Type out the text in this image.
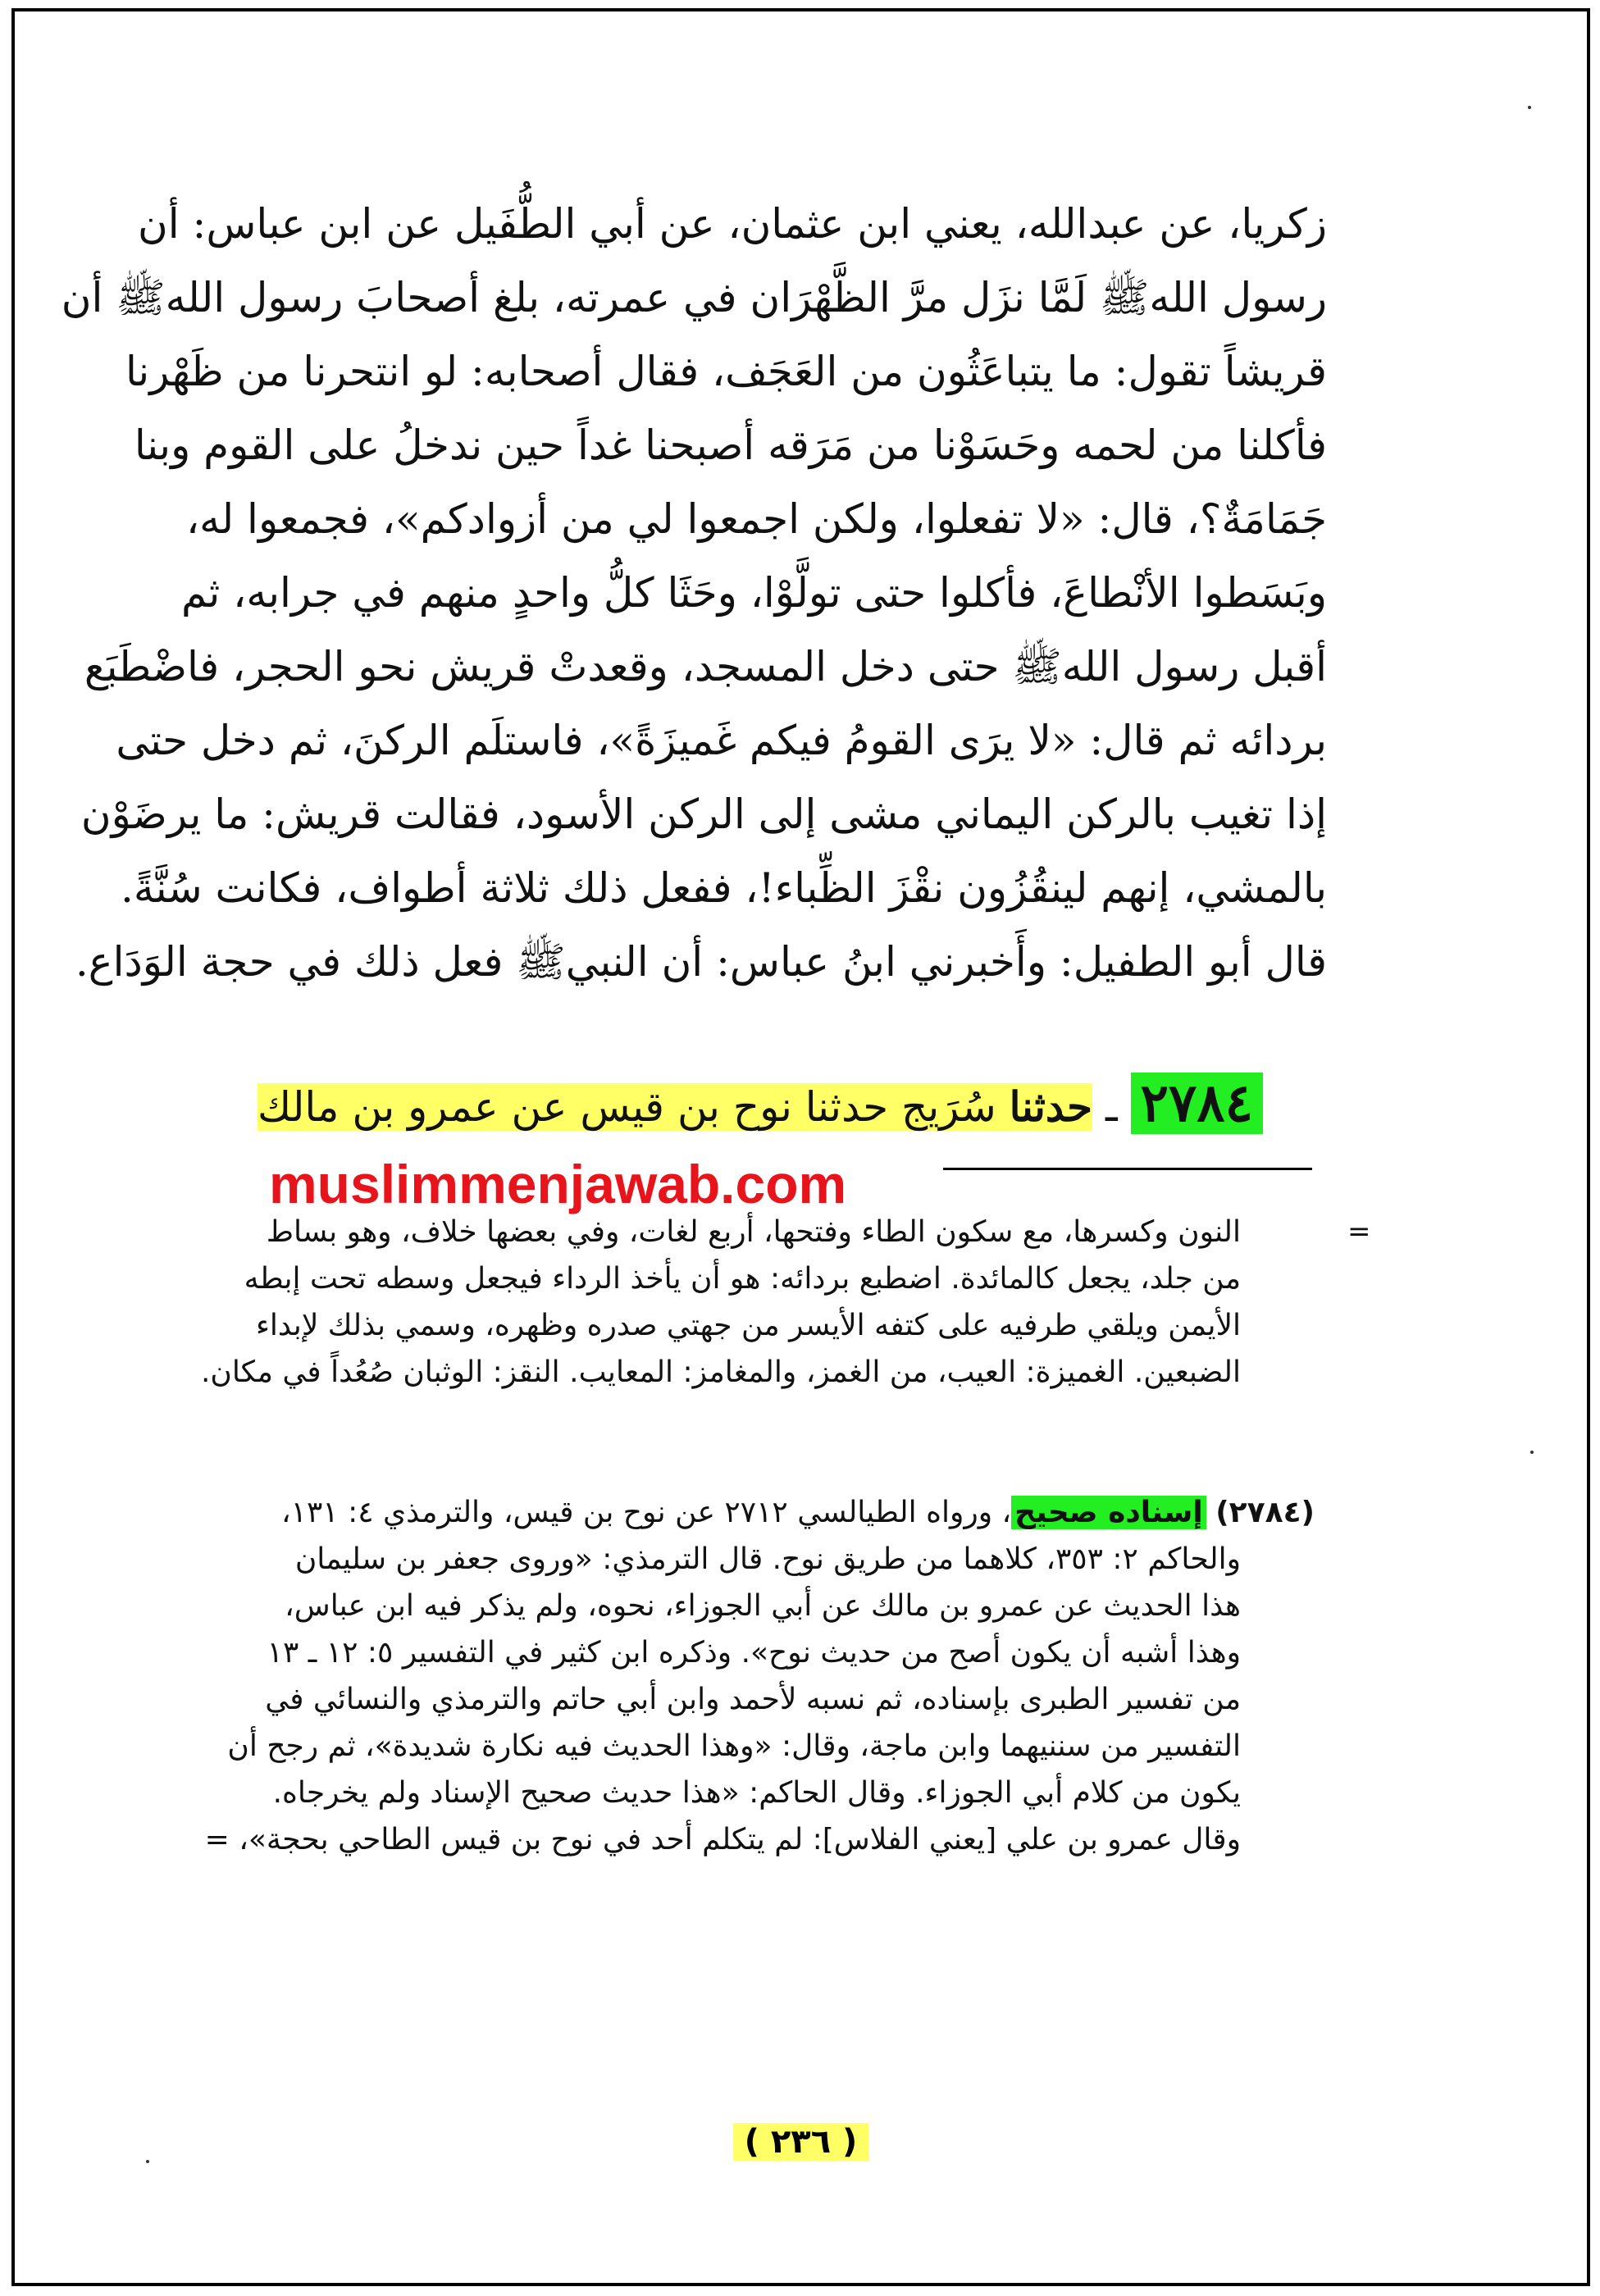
زكريا، عن عبدالله، يعني ابن عثمان، عن أبي الطُّفَيل عن ابن عباس: أن

رسول اللهﷺ لَمَّا نزَل مرَّ الظَّهْرَان في عمرته، بلغ أصحابَ رسول اللهﷺ أن

قريشاً تقول: ما يتباعَثُون من العَجَف، فقال أصحابه: لو انتحرنا من ظَهْرنا

فأكلنا من لحمه وحَسَوْنا من مَرَقه أصبحنا غداً حين ندخلُ على القوم وبنا

جَمَامَةٌ؟، قال: «لا تفعلوا، ولكن اجمعوا لي من أزوادكم»، فجمعوا له،

وبَسَطوا الأنْطاعَ، فأكلوا حتى تولَّوْا، وحَثَا كلُّ واحدٍ منهم في جرابه، ثم

أقبل رسول اللهﷺ حتى دخل المسجد، وقعدتْ قريش نحو الحجر، فاضْطَبَع

بردائه ثم قال: «لا يرَى القومُ فيكم غَميزَةً»، فاستلَم الركنَ، ثم دخل حتى

إذا تغيب بالركن اليماني مشى إلى الركن الأسود، فقالت قريش: ما يرضَوْن

بالمشي، إنهم لينقُزُون نقْزَ الظِّباء!، ففعل ذلك ثلاثة أطواف، فكانت سُنَّةً.

قال أبو الطفيل: وأَخبرني ابنُ عباس: أن النبيﷺ فعل ذلك في حجة الوَدَاع.

٢٧٨٤ ـ حدثنا سُرَيج حدثنا نوح بن قيس عن عمرو بن مالك
muslimmenjawab.com
=

النون وكسرها، مع سكون الطاء وفتحها، أربع لغات، وفي بعضها خلاف، وهو بساط

من جلد، يجعل كالمائدة. اضطبع بردائه: هو أن يأخذ الرداء فيجعل وسطه تحت إبطه

الأيمن ويلقي طرفيه على كتفه الأيسر من جهتي صدره وظهره، وسمي بذلك لإبداء

الضبعين. الغميزة: العيب، من الغمز، والمغامز: المعايب. النقز: الوثبان صُعُداً في مكان.

(٢٧٨٤) إسناده صحيح، ورواه الطيالسي ٢٧١٢ عن نوح بن قيس، والترمذي ٤: ١٣١،

والحاكم ٢: ٣٥٣، كلاهما من طريق نوح. قال الترمذي: «وروى جعفر بن سليمان

هذا الحديث عن عمرو بن مالك عن أبي الجوزاء، نحوه، ولم يذكر فيه ابن عباس،

وهذا أشبه أن يكون أصح من حديث نوح». وذكره ابن كثير في التفسير ٥: ١٢ ـ ١٣

من تفسير الطبرى بإسناده، ثم نسبه لأحمد وابن أبي حاتم والترمذي والنسائي في

التفسير من سننيهما وابن ماجة، وقال: «وهذا الحديث فيه نكارة شديدة»، ثم رجح أن

يكون من كلام أبي الجوزاء. وقال الحاكم: «هذا حديث صحيح الإسناد ولم يخرجاه.

وقال عمرو بن علي [يعني الفلاس]: لم يتكلم أحد في نوح بن قيس الطاحي بحجة»، =

( ٢٣٦ )
